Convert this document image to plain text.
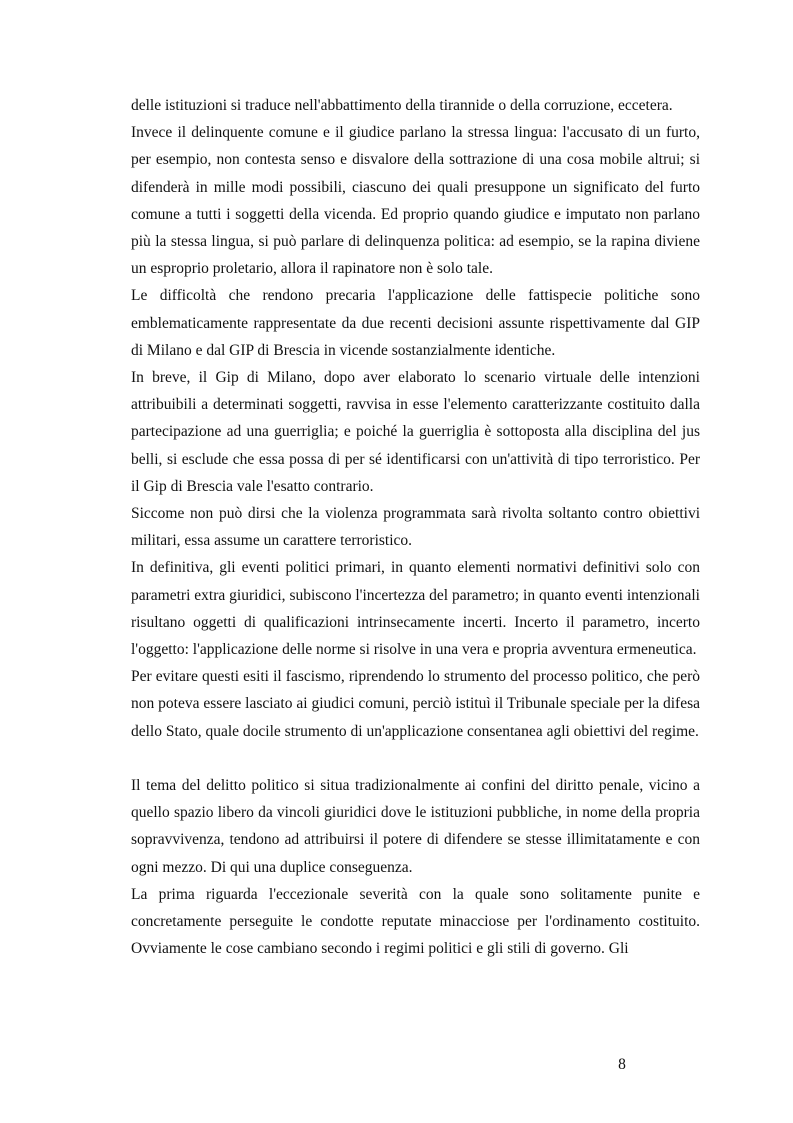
delle istituzioni si traduce nell'abbattimento della tirannide o della corruzione, eccetera.

Invece il delinquente comune e il giudice parlano la stressa lingua: l'accusato di un furto, per esempio, non contesta senso e disvalore della sottrazione di una cosa mobile altrui; si difenderà in mille modi possibili, ciascuno dei quali presuppone un significato del furto comune a tutti i soggetti della vicenda. Ed proprio quando giudice e imputato non parlano più la stessa lingua, si può parlare di delinquenza politica: ad esempio, se la rapina diviene un esproprio proletario, allora il rapinatore non è solo tale.

Le difficoltà che rendono precaria l'applicazione delle fattispecie politiche sono emblematicamente rappresentate da due recenti decisioni assunte rispettivamente dal GIP di Milano e dal GIP di Brescia in vicende sostanzialmente identiche.

In breve, il Gip di Milano, dopo aver elaborato lo scenario virtuale delle intenzioni attribuibili a determinati soggetti, ravvisa in esse l'elemento caratterizzante costituito dalla partecipazione ad una guerriglia; e poiché la guerriglia è sottoposta alla disciplina del jus belli, si esclude che essa possa di per sé identificarsi con un'attività di tipo terroristico. Per il Gip di Brescia vale l'esatto contrario.

Siccome non può dirsi che la violenza programmata sarà rivolta soltanto contro obiettivi militari, essa assume un carattere terroristico.

In definitiva, gli eventi politici primari, in quanto elementi normativi definitivi solo con parametri extra giuridici, subiscono l'incertezza del parametro; in quanto eventi intenzionali risultano oggetti di qualificazioni intrinsecamente incerti. Incerto il parametro, incerto l'oggetto: l'applicazione delle norme si risolve in una vera e propria avventura ermeneutica.

Per evitare questi esiti il fascismo, riprendendo lo strumento del processo politico, che però non poteva essere lasciato ai giudici comuni, perciò istituì il Tribunale speciale per la difesa dello Stato, quale docile strumento di un'applicazione consentanea agli obiettivi del regime.

Il tema del delitto politico si situa tradizionalmente ai confini del diritto penale, vicino a quello spazio libero da vincoli giuridici dove le istituzioni pubbliche, in nome della propria sopravvivenza, tendono ad attribuirsi il potere di difendere se stesse illimitatamente e con ogni mezzo. Di qui una duplice conseguenza.

La prima riguarda l'eccezionale severità con la quale sono solitamente punite e concretamente perseguite le condotte reputate minacciose per l'ordinamento costituito. Ovviamente le cose cambiano secondo i regimi politici e gli stili di governo. Gli

8
